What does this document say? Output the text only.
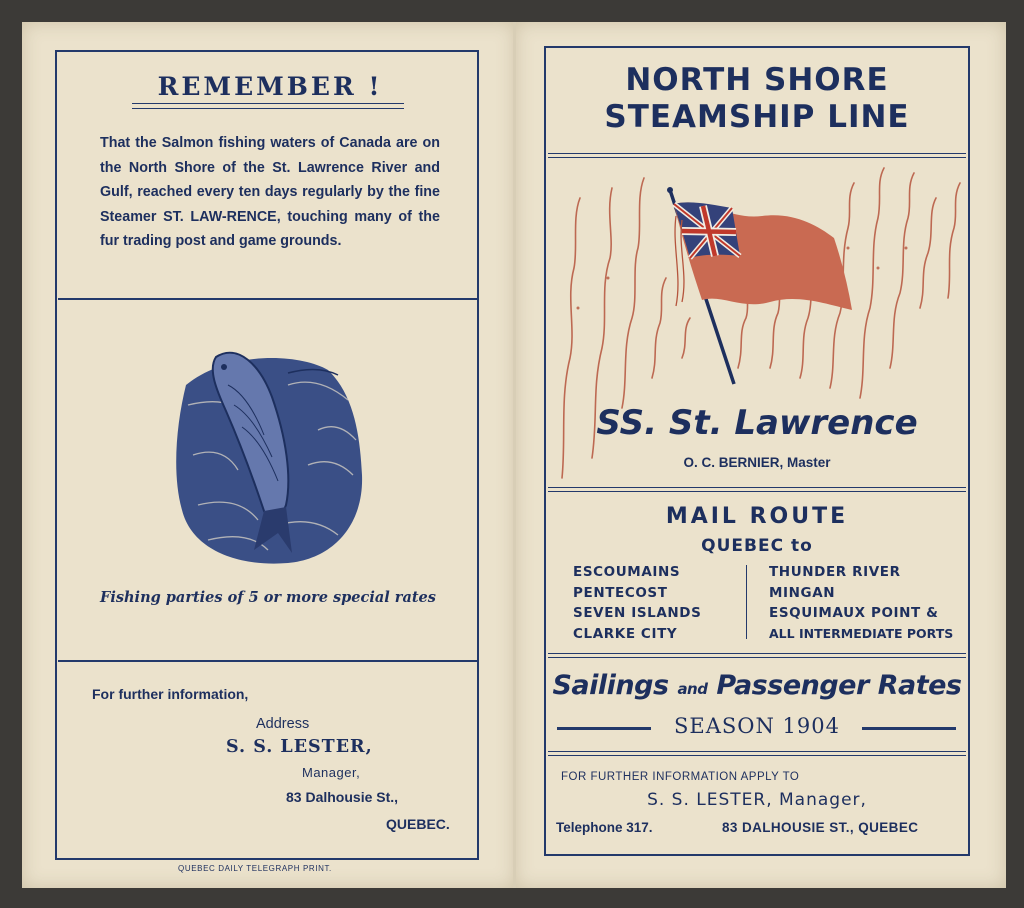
REMEMBER !
That the Salmon fishing waters of Canada are on the North Shore of the St. Lawrence River and Gulf, reached every ten days regularly by the fine Steamer ST. LAW-RENCE, touching many of the fur trading post and game grounds.
Fishing parties of 5 or more special rates
For further information,
Address
S. S. LESTER,
Manager,
83 Dalhousie St.,
QUEBEC.
QUEBEC DAILY TELEGRAPH PRINT.
NORTH SHORE
STEAMSHIP LINE
SS. St. Lawrence
O. C. BERNIER, Master
MAIL ROUTE
QUEBEC to
ESCOUMAINS
PENTECOST
SEVEN ISLANDS
CLARKE CITY
THUNDER RIVER
MINGAN
ESQUIMAUX POINT &
ALL INTERMEDIATE PORTS
Sailings and Passenger Rates
SEASON 1904
FOR FURTHER INFORMATION APPLY TO
S. S. LESTER, Manager,
Telephone 317.	83 DALHOUSIE ST., QUEBEC
